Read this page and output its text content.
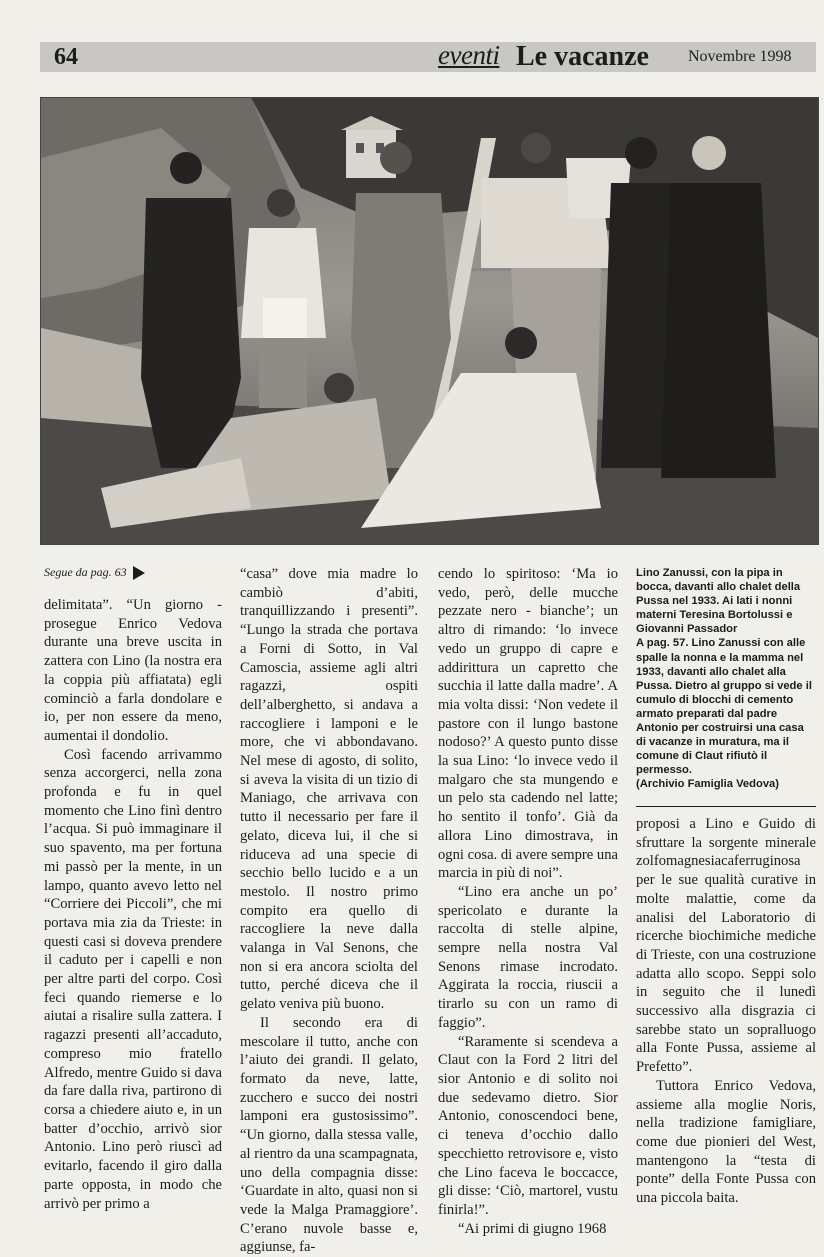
64	eventi Le vacanze Novembre 1998
Segue da pag. 63

delimitata”. “Un giorno - prosegue Enrico Vedova durante una breve uscita in zattera con Lino (la nostra era la coppia più affiatata) egli cominciò a farla dondolare e io, per non essere da meno, aumentai il dondolio.

Così facendo arrivammo senza accorgerci, nella zona profonda e fu in quel momento che Lino finì dentro l’acqua. Si può immaginare il suo spavento, ma per fortuna mi passò per la mente, in un lampo, quanto avevo letto nel “Corriere dei Piccoli”, che mi portava mia zia da Trieste: in questi casi si doveva prendere il caduto per i capelli e non per altre parti del corpo. Così feci quando riemerse e lo aiutai a risalire sulla zattera. I ragazzi presenti all’accaduto, compreso mio fratello Alfredo, mentre Guido si dava da fare dalla riva, partirono di corsa a chiedere aiuto e, in un batter d’occhio, arrivò sior Antonio. Lino però riuscì ad evitarlo, facendo il giro dalla parte opposta, in modo che arrivò per primo a

“casa” dove mia madre lo cambiò d’abiti, tranquillizzando i presenti”. “Lungo la strada che portava a Forni di Sotto, in Val Camoscia, assieme agli altri ragazzi, ospiti dell’alberghetto, si andava a raccogliere i lamponi e le more, che vi abbondavano. Nel mese di agosto, di solito, si aveva la visita di un tizio di Maniago, che arrivava con tutto il necessario per fare il gelato, diceva lui, il che si riduceva ad una specie di secchio bello lucido e a un mestolo. Il nostro primo compito era quello di raccogliere la neve dalla valanga in Val Senons, che non si era ancora sciolta del tutto, perché diceva che il gelato veniva più buono.

Il secondo era di mescolare il tutto, anche con l’aiuto dei grandi. Il gelato, formato da neve, latte, zucchero e succo dei nostri lamponi era gustosissimo”. “Un giorno, dalla stessa valle, al rientro da una scampagnata, uno della compagnia disse: ‘Guardate in alto, quasi non si vede la Malga Pramaggiore’. C’erano nuvole basse e, aggiunse, fa-

cendo lo spiritoso: ‘Ma io vedo, però, delle mucche pezzate nero - bianche’; un altro di rimando: ‘lo invece vedo un gruppo di capre e addirittura un capretto che succhia il latte dalla madre’. A mia volta dissi: ‘Non vedete il pastore con il lungo bastone nodoso?’ A questo punto disse la sua Lino: ‘lo invece vedo il malgaro che sta mungendo e un pelo sta cadendo nel latte; ho sentito il tonfo’. Già da allora Lino dimostrava, in ogni cosa. di avere sempre una marcia in più di noi”.

“Lino era anche un po’ spericolato e durante la raccolta di stelle alpine, sempre nella nostra Val Senons rimase incrodato. Aggirata la roccia, riuscii a tirarlo su con un ramo di faggio”.

“Raramente si scendeva a Claut con la Ford 2 litri del sior Antonio e di solito noi due sedevamo dietro. Sior Antonio, conoscendoci bene, ci teneva d’occhio dallo specchietto retrovisore e, visto che Lino faceva le boccacce, gli disse: ‘Ciò, martorel, vustu finirla!”.

“Ai primi di giugno 1968

Lino Zanussi, con la pipa in bocca, davanti allo chalet della Pussa nel 1933. Ai lati i nonni materni Teresina Bortolussi e Giovanni Passador

A pag. 57. Lino Zanussi con alle spalle la nonna e la mamma nel 1933, davanti allo chalet alla Pussa. Dietro al gruppo si vede il cumulo di blocchi di cemento armato preparati dal padre Antonio per costruirsi una casa di vacanze in muratura, ma il comune di Claut rifiutò il permesso.

(Archivio Famiglia Vedova)

proposi a Lino e Guido di sfruttare la sorgente minerale zolfomagnesiacaferruginosa per le sue qualità curative in molte malattie, come da analisi del Laboratorio di ricerche biochimiche mediche di Trieste, con una costruzione adatta allo scopo. Seppi solo in seguito che il lunedì successivo alla disgrazia ci sarebbe stato un sopralluogo alla Fonte Pussa, assieme al Prefetto”.

Tuttora Enrico Vedova, assieme alla moglie Noris, nella tradizione famigliare, come due pionieri del West, mantengono la “testa di ponte” della Fonte Pussa con una piccola baita.
